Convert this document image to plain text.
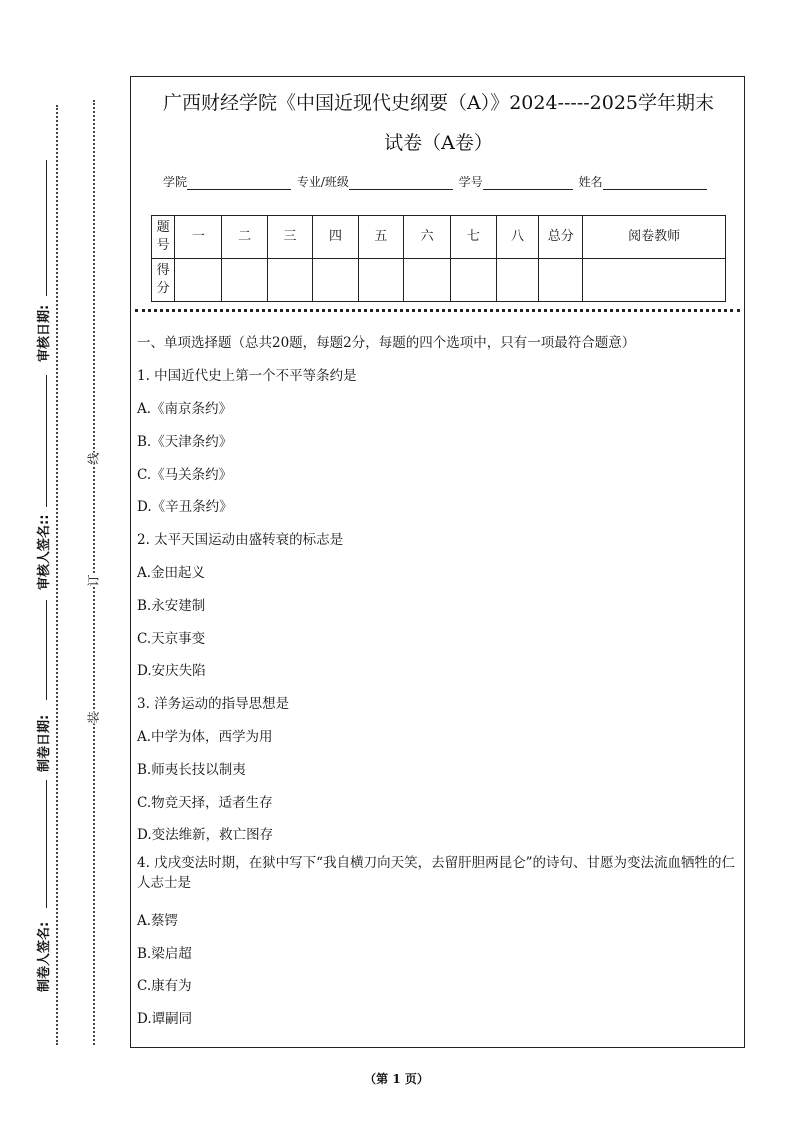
审核日期:
审核人签名::
制卷日期:
制卷人签名:
线
订
装
广西财经学院《中国近现代史纲要（A）》2024-----2025学年期末
试卷（A卷）
学院	专业/班级	学号	姓名
题号	一	二	三	四	五	六	七	八	总分	阅卷教师
得分										
一、单项选择题（总共20题，每题2分，每题的四个选项中，只有一项最符合题意）
1. 中国近代史上第一个不平等条约是
A.《南京条约》
B.《天津条约》
C.《马关条约》
D.《辛丑条约》
2. 太平天国运动由盛转衰的标志是
A.金田起义
B.永安建制
C.天京事变
D.安庆失陷
3. 洋务运动的指导思想是
A.中学为体，西学为用
B.师夷长技以制夷
C.物竞天择，适者生存
D.变法维新，救亡图存
4. 戊戌变法时期，在狱中写下“我自横刀向天笑，去留肝胆两昆仑”的诗句、甘愿为变法流血牺牲的仁人志士是
A.蔡锷
B.梁启超
C.康有为
D.谭嗣同
（第 1 页）
